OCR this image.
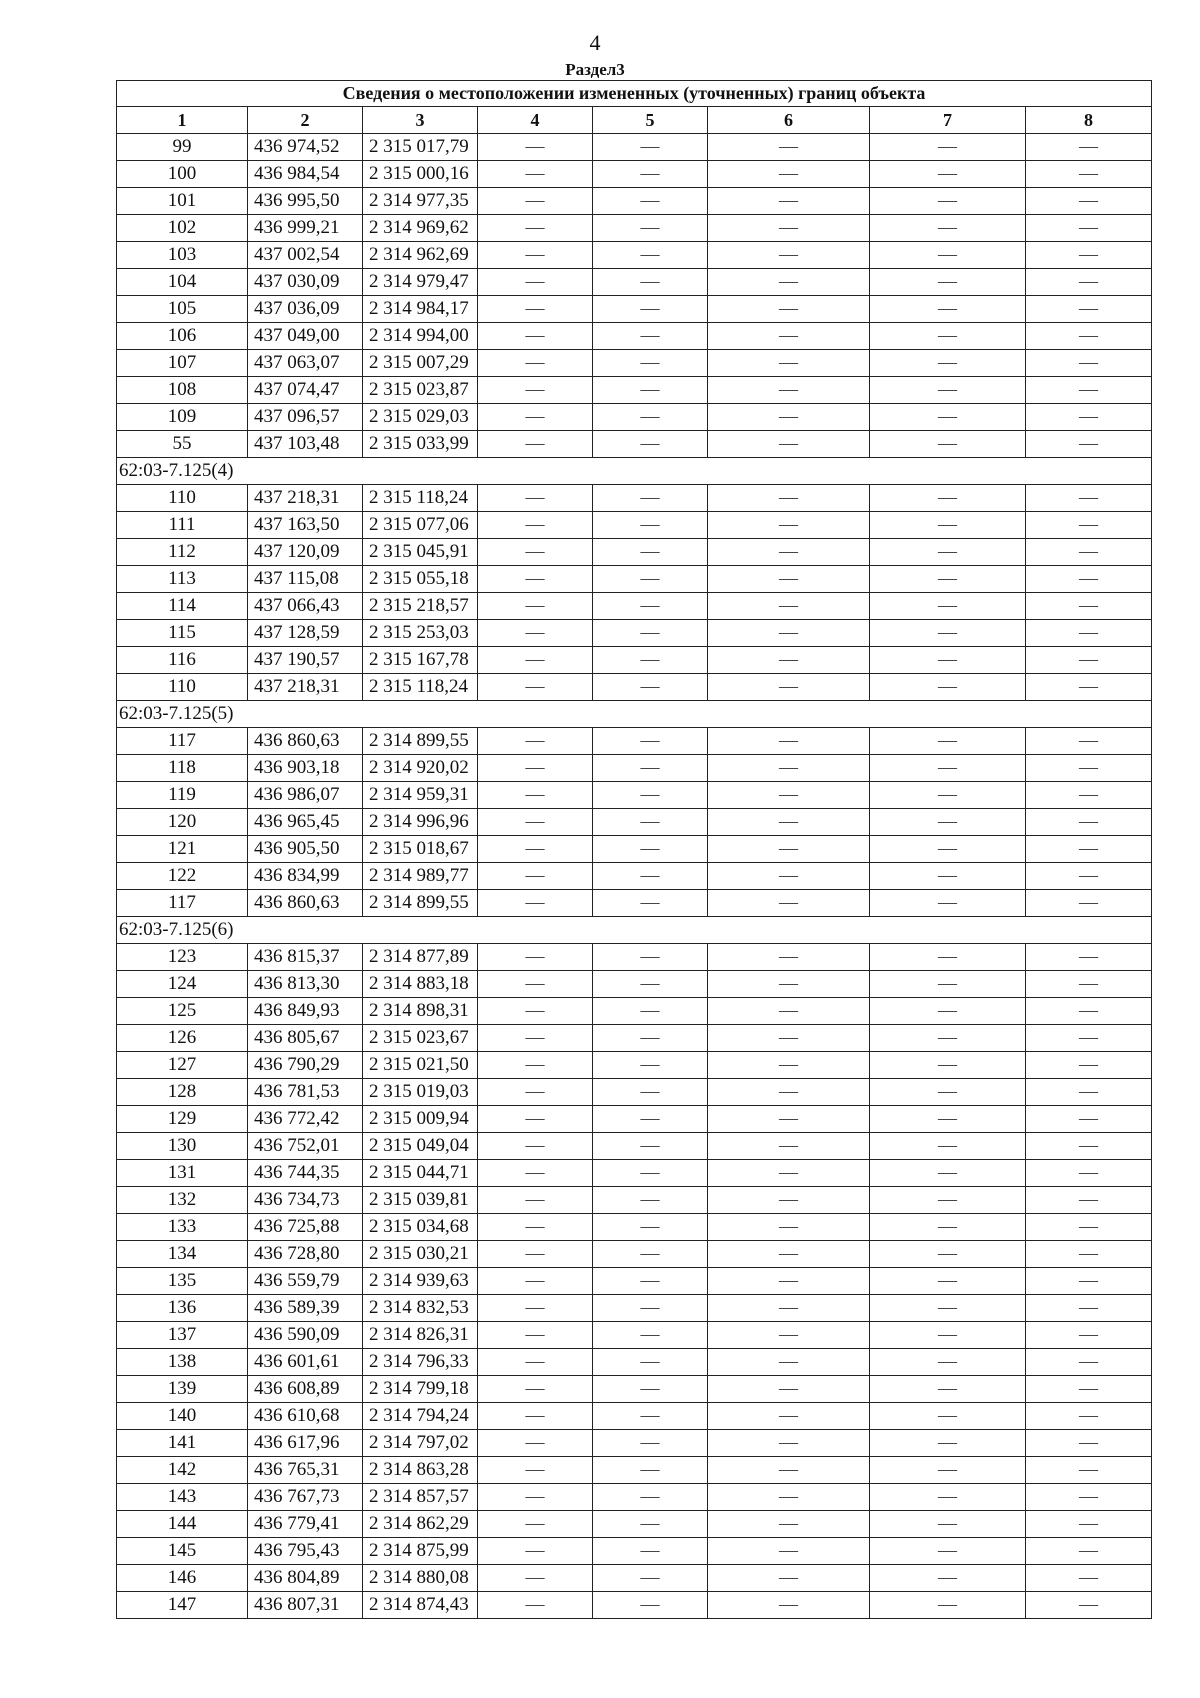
4
Раздел3
Сведения о местоположении измененных (уточненных) границ объекта							
1	2	3	4	5	6	7	8
99	436 974,52	2 315 017,79	—	—	—	—	—
100	436 984,54	2 315 000,16	—	—	—	—	—
101	436 995,50	2 314 977,35	—	—	—	—	—
102	436 999,21	2 314 969,62	—	—	—	—	—
103	437 002,54	2 314 962,69	—	—	—	—	—
104	437 030,09	2 314 979,47	—	—	—	—	—
105	437 036,09	2 314 984,17	—	—	—	—	—
106	437 049,00	2 314 994,00	—	—	—	—	—
107	437 063,07	2 315 007,29	—	—	—	—	—
108	437 074,47	2 315 023,87	—	—	—	—	—
109	437 096,57	2 315 029,03	—	—	—	—	—
55	437 103,48	2 315 033,99	—	—	—	—	—
62:03-7.125(4)							
110	437 218,31	2 315 118,24	—	—	—	—	—
111	437 163,50	2 315 077,06	—	—	—	—	—
112	437 120,09	2 315 045,91	—	—	—	—	—
113	437 115,08	2 315 055,18	—	—	—	—	—
114	437 066,43	2 315 218,57	—	—	—	—	—
115	437 128,59	2 315 253,03	—	—	—	—	—
116	437 190,57	2 315 167,78	—	—	—	—	—
110	437 218,31	2 315 118,24	—	—	—	—	—
62:03-7.125(5)							
117	436 860,63	2 314 899,55	—	—	—	—	—
118	436 903,18	2 314 920,02	—	—	—	—	—
119	436 986,07	2 314 959,31	—	—	—	—	—
120	436 965,45	2 314 996,96	—	—	—	—	—
121	436 905,50	2 315 018,67	—	—	—	—	—
122	436 834,99	2 314 989,77	—	—	—	—	—
117	436 860,63	2 314 899,55	—	—	—	—	—
62:03-7.125(6)							
123	436 815,37	2 314 877,89	—	—	—	—	—
124	436 813,30	2 314 883,18	—	—	—	—	—
125	436 849,93	2 314 898,31	—	—	—	—	—
126	436 805,67	2 315 023,67	—	—	—	—	—
127	436 790,29	2 315 021,50	—	—	—	—	—
128	436 781,53	2 315 019,03	—	—	—	—	—
129	436 772,42	2 315 009,94	—	—	—	—	—
130	436 752,01	2 315 049,04	—	—	—	—	—
131	436 744,35	2 315 044,71	—	—	—	—	—
132	436 734,73	2 315 039,81	—	—	—	—	—
133	436 725,88	2 315 034,68	—	—	—	—	—
134	436 728,80	2 315 030,21	—	—	—	—	—
135	436 559,79	2 314 939,63	—	—	—	—	—
136	436 589,39	2 314 832,53	—	—	—	—	—
137	436 590,09	2 314 826,31	—	—	—	—	—
138	436 601,61	2 314 796,33	—	—	—	—	—
139	436 608,89	2 314 799,18	—	—	—	—	—
140	436 610,68	2 314 794,24	—	—	—	—	—
141	436 617,96	2 314 797,02	—	—	—	—	—
142	436 765,31	2 314 863,28	—	—	—	—	—
143	436 767,73	2 314 857,57	—	—	—	—	—
144	436 779,41	2 314 862,29	—	—	—	—	—
145	436 795,43	2 314 875,99	—	—	—	—	—
146	436 804,89	2 314 880,08	—	—	—	—	—
147	436 807,31	2 314 874,43	—	—	—	—	—
